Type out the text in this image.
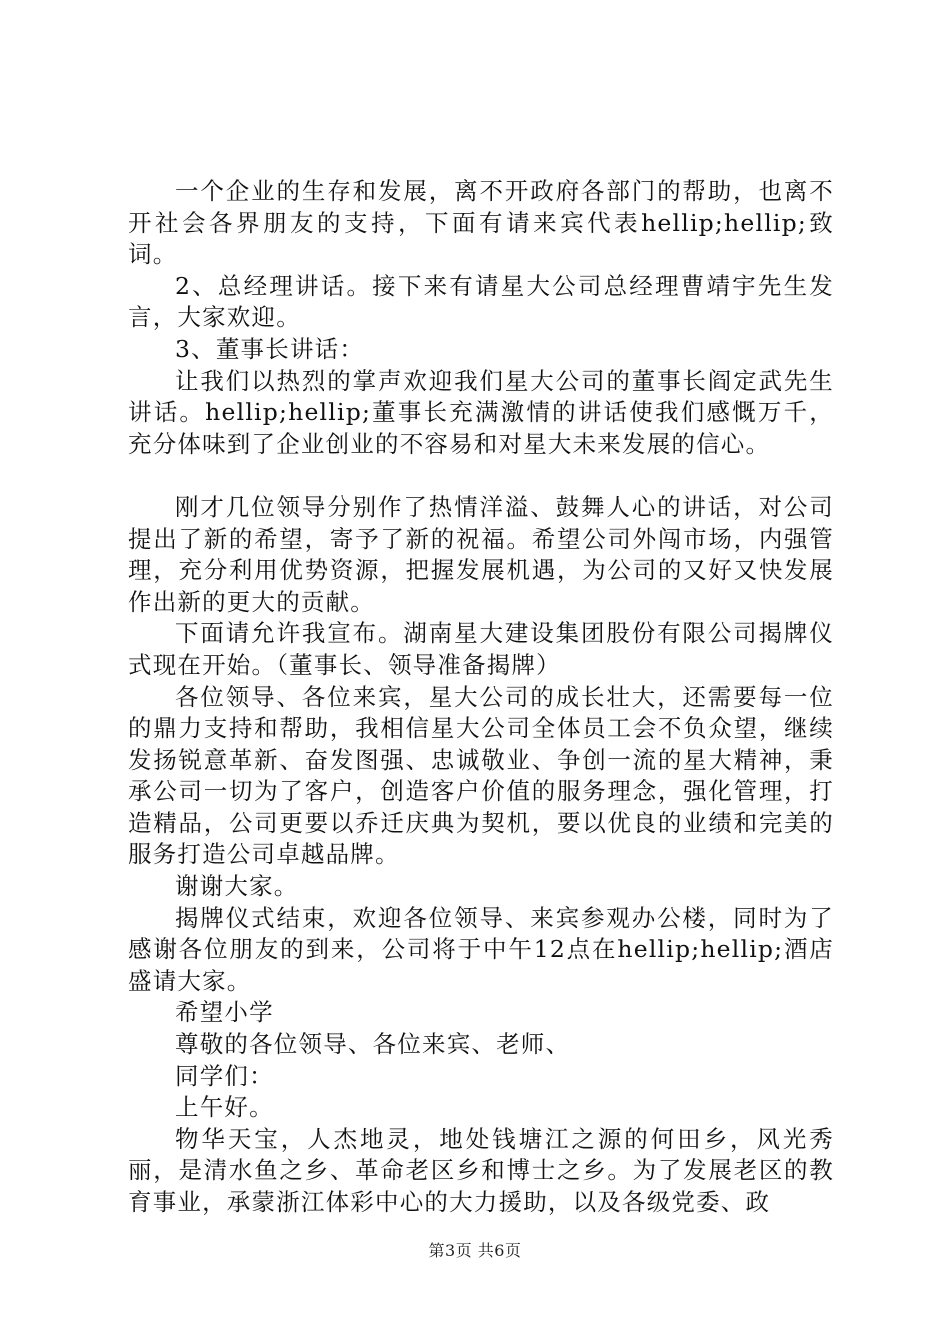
一个企业的生存和发展，离不开政府各部门的帮助，也离不开社会各界朋友的支持，下面有请来宾代表hellip;hellip;致词。

2、总经理讲话。接下来有请星大公司总经理曹靖宇先生发言，大家欢迎。

3、董事长讲话：

让我们以热烈的掌声欢迎我们星大公司的董事长阎定武先生讲话。hellip;hellip;董事长充满激情的讲话使我们感慨万千，充分体味到了企业创业的不容易和对星大未来发展的信心。

刚才几位领导分别作了热情洋溢、鼓舞人心的讲话，对公司提出了新的希望，寄予了新的祝福。希望公司外闯市场，内强管理，充分利用优势资源，把握发展机遇，为公司的又好又快发展作出新的更大的贡献。

下面请允许我宣布。湖南星大建设集团股份有限公司揭牌仪式现在开始。（董事长、领导准备揭牌）

各位领导、各位来宾，星大公司的成长壮大，还需要每一位的鼎力支持和帮助，我相信星大公司全体员工会不负众望，继续发扬锐意革新、奋发图强、忠诚敬业、争创一流的星大精神，秉承公司一切为了客户，创造客户价值的服务理念，强化管理，打造精品，公司更要以乔迁庆典为契机，要以优良的业绩和完美的服务打造公司卓越品牌。

谢谢大家。

揭牌仪式结束，欢迎各位领导、来宾参观办公楼，同时为了感谢各位朋友的到来，公司将于中午12点在hellip;hellip;酒店盛请大家。

希望小学

尊敬的各位领导、各位来宾、老师、

同学们：

上午好。

物华天宝，人杰地灵，地处钱塘江之源的何田乡，风光秀丽，是清水鱼之乡、革命老区乡和博士之乡。为了发展老区的教育事业，承蒙浙江体彩中心的大力援助，以及各级党委、政

第3页 共6页
